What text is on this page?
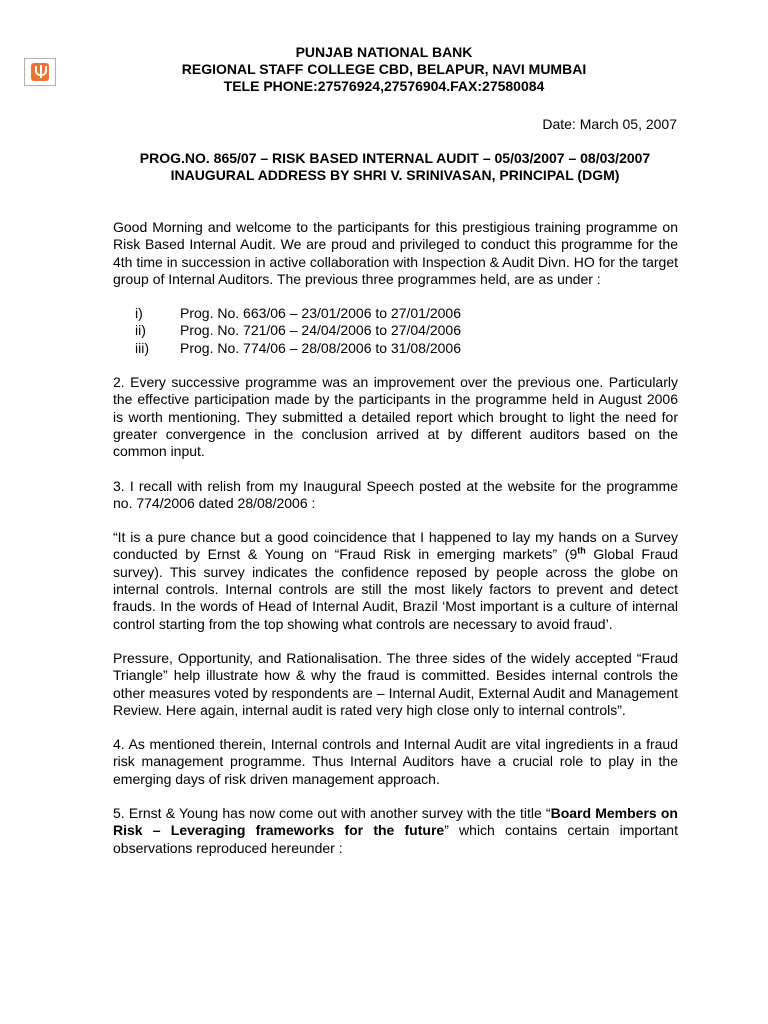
PUNJAB NATIONAL BANK
REGIONAL STAFF COLLEGE CBD, BELAPUR, NAVI MUMBAI
TELE PHONE:27576924,27576904.FAX:27580084
Date: March 05, 2007
PROG.NO. 865/07 – RISK BASED INTERNAL AUDIT – 05/03/2007 – 08/03/2007
INAUGURAL ADDRESS BY SHRI V. SRINIVASAN, PRINCIPAL (DGM)

Good Morning and welcome to the participants for this prestigious training programme on Risk Based Internal Audit. We are proud and privileged to conduct this programme for the 4th time in succession in active collaboration with Inspection & Audit Divn. HO for the target group of Internal Auditors. The previous three programmes held, are as under :

i)	Prog. No. 663/06 – 23/01/2006 to 27/01/2006
ii)	Prog. No. 721/06 – 24/04/2006 to 27/04/2006
iii)	Prog. No. 774/06 – 28/08/2006 to 31/08/2006

2. Every successive programme was an improvement over the previous one. Particularly the effective participation made by the participants in the programme held in August 2006 is worth mentioning. They submitted a detailed report which brought to light the need for greater convergence in the conclusion arrived at by different auditors based on the common input.

3. I recall with relish from my Inaugural Speech posted at the website for the programme no. 774/2006 dated 28/08/2006 :

“It is a pure chance but a good coincidence that I happened to lay my hands on a Survey conducted by Ernst & Young on “Fraud Risk in emerging markets” (9th Global Fraud survey). This survey indicates the confidence reposed by people across the globe on internal controls. Internal controls are still the most likely factors to prevent and detect frauds. In the words of Head of Internal Audit, Brazil ‘Most important is a culture of internal control starting from the top showing what controls are necessary to avoid fraud’.

Pressure, Opportunity, and Rationalisation. The three sides of the widely accepted “Fraud Triangle” help illustrate how & why the fraud is committed. Besides internal controls the other measures voted by respondents are – Internal Audit, External Audit and Management Review. Here again, internal audit is rated very high close only to internal controls”.

4. As mentioned therein, Internal controls and Internal Audit are vital ingredients in a fraud risk management programme. Thus Internal Auditors have a crucial role to play in the emerging days of risk driven management approach.

5. Ernst & Young has now come out with another survey with the title “Board Members on Risk – Leveraging frameworks for the future” which contains certain important observations reproduced hereunder :
